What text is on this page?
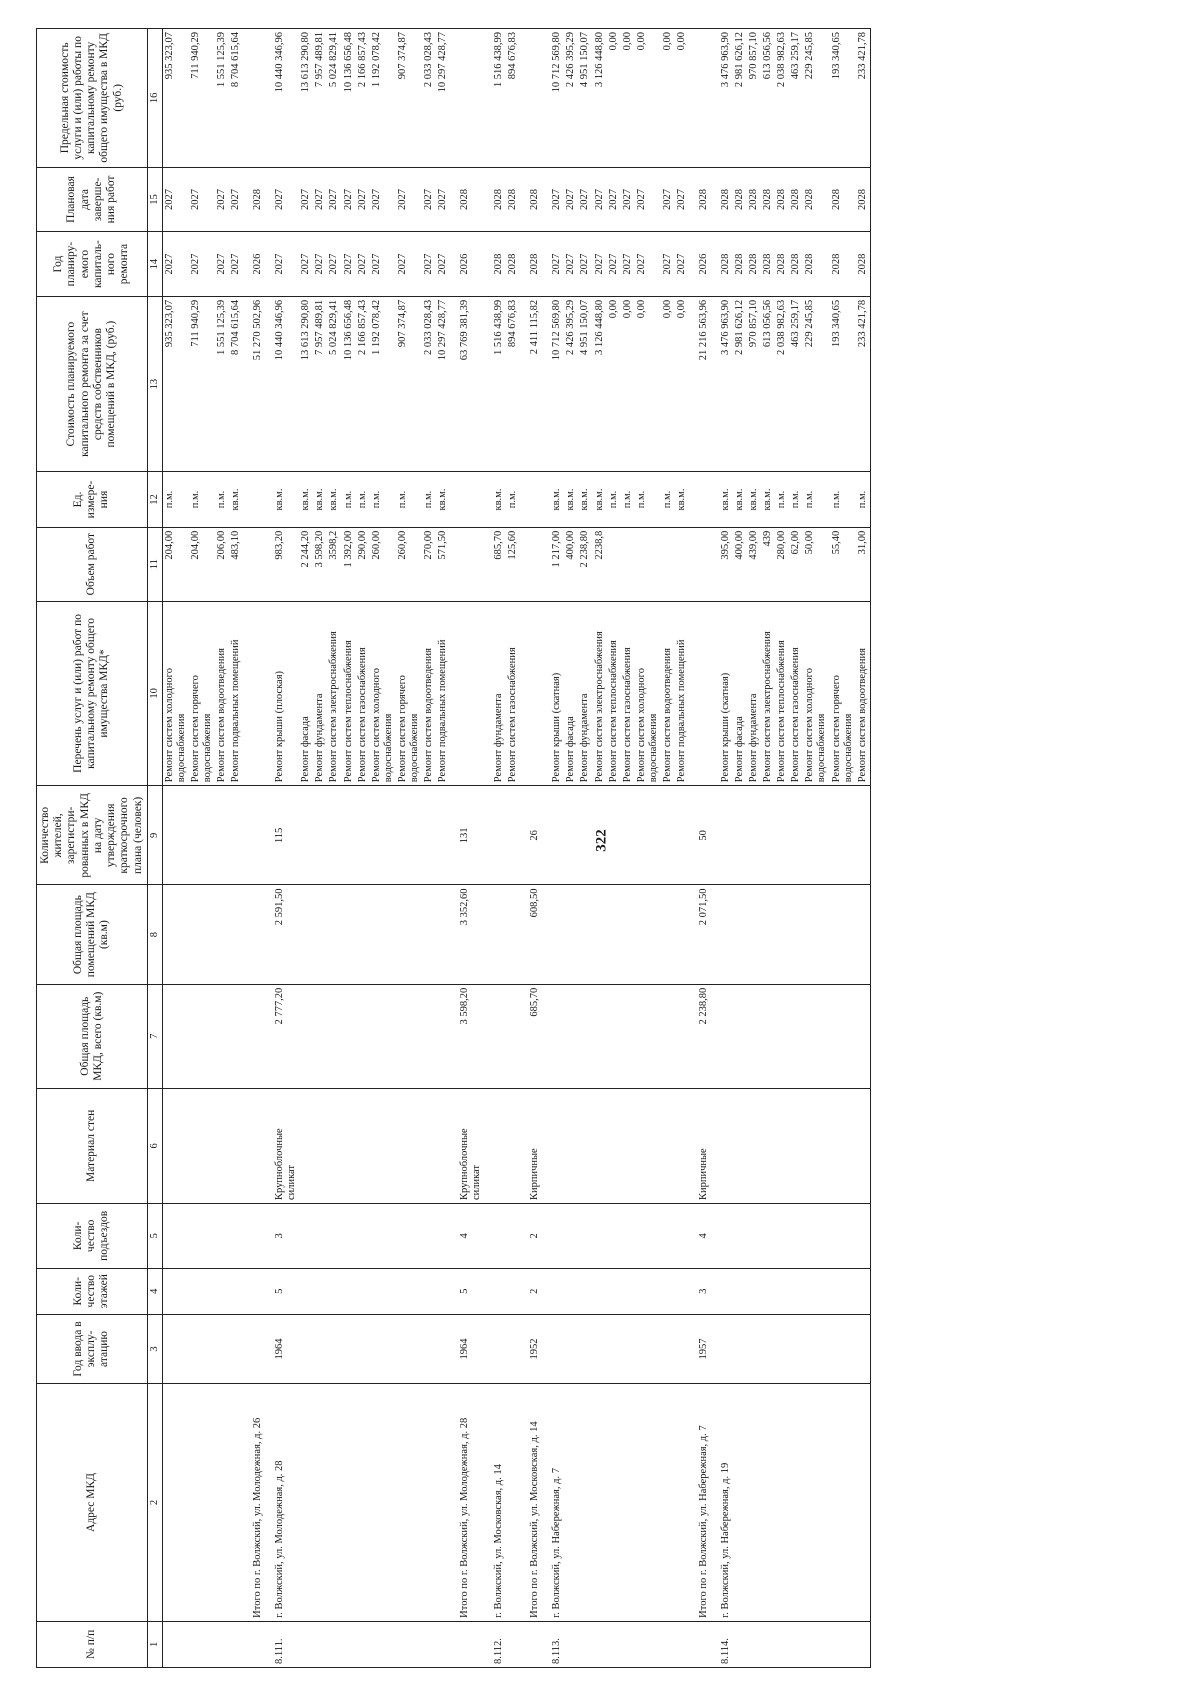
322
№ п/п	Адрес МКД	Год ввода в эксплу-атацию	Коли-чество этажей	Коли-чество подъездов	Материал стен	Общая площадь МКД, всего (кв.м)	Общая площадь помещений МКД (кв.м)	Количество жителей, зарегистри-рованных в МКД на дату утверждения краткосрочного плана (человек)	Перечень услуг и (или) работ по капитальному ремонту общего имущества МКД*	Объем работ	Ед. измере-ния	Стоимость планируемого капитального ремонта за счет средств собственников помещений в МКД, (руб.)	Год планиру-емого капиталь-ного ремонта	Плановая дата заверше-ния работ	Предельная стоимость услуги и (или) работы по капитальному ремонту общего имущества в МКД (руб.)
1	2	3	4	5	6	7	8	9	10	11	12	13	14	15	16
									Ремонт систем холодного водоснабжения	204,00	п.м.	935 323,07	2027	2027	935 323,07
									Ремонт систем горячего водоснабжения	204,00	п.м.	711 940,29	2027	2027	711 940,29
									Ремонт систем водоотведения	206,00	п.м.	1 551 125,39	2027	2027	1 551 125,39
									Ремонт подвальных помещений	483,10	кв.м.	8 704 615,64	2027	2027	8 704 615,64
	Итого по г. Волжский, ул. Молодежная, д. 26											51 270 502,96	2026	2028	
8.111.	г. Волжский, ул. Молодежная, д. 28	1964	5	3	Крупноблочные силикат	2 777,20	2 591,50	115	Ремонт крыши (плоская)	983,20	кв.м.	10 440 346,96	2027	2027	10 440 346,96
									Ремонт фасада	2 244,20	кв.м.	13 613 290,80	2027	2027	13 613 290,80
									Ремонт фундамента	3 598,20	кв.м.	7 957 489,81	2027	2027	7 957 489,81
									Ремонт систем электроснабжения	3598,2	кв.м.	5 024 829,41	2027	2027	5 024 829,41
									Ремонт систем теплоснабжения	1 392,00	п.м.	10 136 656,48	2027	2027	10 136 656,48
									Ремонт систем газоснабжения	290,00	п.м.	2 166 857,43	2027	2027	2 166 857,43
									Ремонт систем холодного водоснабжения	260,00	п.м.	1 192 078,42	2027	2027	1 192 078,42
									Ремонт систем горячего водоснабжения	260,00	п.м.	907 374,87	2027	2027	907 374,87
									Ремонт систем водоотведения	270,00	п.м.	2 033 028,43	2027	2027	2 033 028,43
									Ремонт подвальных помещений	571,50	кв.м.	10 297 428,77	2027	2027	10 297 428,77
	Итого по г. Волжский, ул. Молодежная, д. 28	1964	5	4	Крупноблочные силикат	3 598,20	3 352,60	131				63 769 381,39	2026	2028	
8.112.	г. Волжский, ул. Московская, д. 14								Ремонт фундамента	685,70	кв.м.	1 516 438,99	2028	2028	1 516 438,99
									Ремонт систем газоснабжения	125,60	п.м.	894 676,83	2028	2028	894 676,83
	Итого по г. Волжский, ул. Московская, д. 14	1952	2	2	Кирпичные	685,70	608,50	26				2 411 115,82	2028	2028	
8.113.	г. Волжский, ул. Набережная, д. 7								Ремонт крыши (скатная)	1 217,00	кв.м.	10 712 569,80	2027	2027	10 712 569,80
									Ремонт фасада	400,00	кв.м.	2 426 395,29	2027	2027	2 426 395,29
									Ремонт фундамента	2 238,80	кв.м.	4 951 150,07	2027	2027	4 951 150,07
									Ремонт систем электроснабжения	2238,8	кв.м.	3 126 448,80	2027	2027	3 126 448,80
									Ремонт систем теплоснабжения		п.м.	0,00	2027	2027	0,00
									Ремонт систем газоснабжения		п.м.	0,00	2027	2027	0,00
									Ремонт систем холодного водоснабжения		п.м.	0,00	2027	2027	0,00
									Ремонт систем водоотведения		п.м.	0,00	2027	2027	0,00
									Ремонт подвальных помещений		кв.м.	0,00	2027	2027	0,00
	Итого по г. Волжский, ул. Набережная, д. 7	1957	3	4	Кирпичные	2 238,80	2 071,50	50				21 216 563,96	2026	2028	
8.114.	г. Волжский, ул. Набережная, д. 19								Ремонт крыши (скатная)	395,00	кв.м.	3 476 963,90	2028	2028	3 476 963,90
									Ремонт фасада	400,00	кв.м.	2 981 626,12	2028	2028	2 981 626,12
									Ремонт фундамента	439,00	кв.м.	970 857,10	2028	2028	970 857,10
									Ремонт систем электроснабжения	439	кв.м.	613 056,56	2028	2028	613 056,56
									Ремонт систем теплоснабжения	280,00	п.м.	2 038 982,63	2028	2028	2 038 982,63
									Ремонт систем газоснабжения	62,00	п.м.	463 259,17	2028	2028	463 259,17
									Ремонт систем холодного водоснабжения	50,00	п.м.	229 245,85	2028	2028	229 245,85
									Ремонт систем горячего водоснабжения	55,40	п.м.	193 340,65	2028	2028	193 340,65
									Ремонт систем водоотведения	31,00	п.м.	233 421,78	2028	2028	233 421,78
